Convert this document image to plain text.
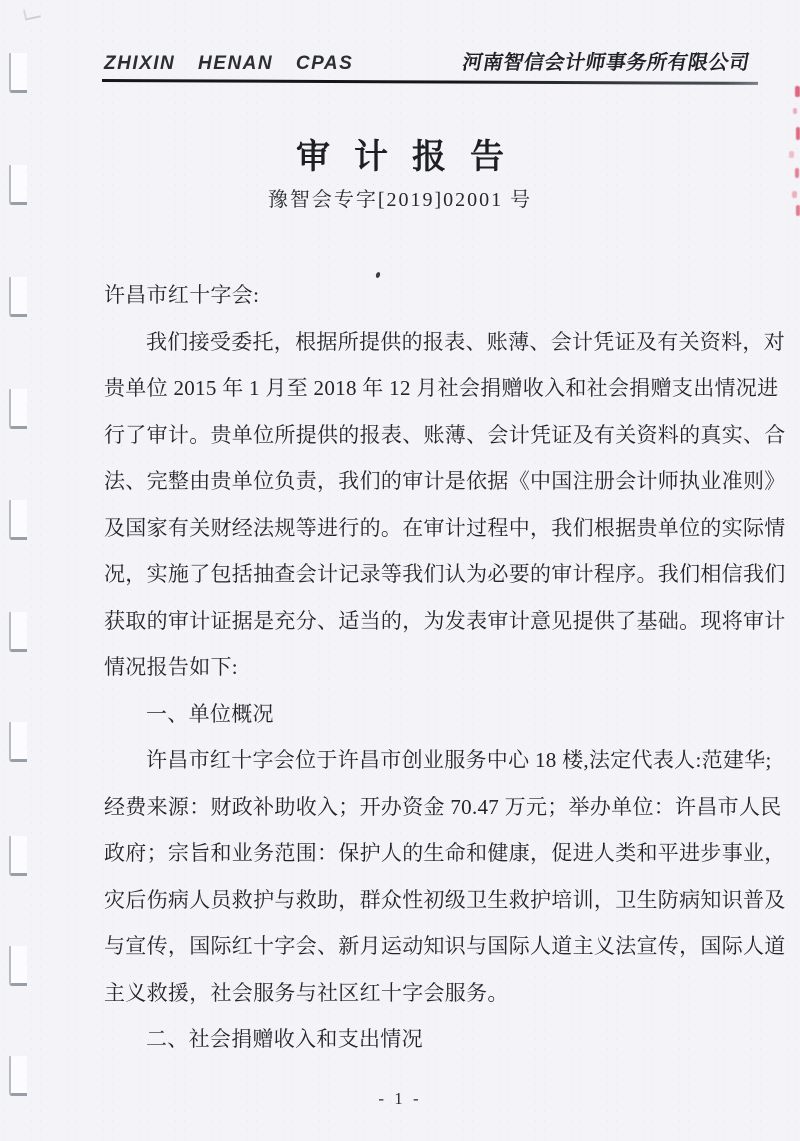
ZHIXIN HENAN CPAS	河南智信会计师事务所有限公司
审计报告
豫智会专字[2019]02001 号
许昌市红十字会:
我们接受委托，根据所提供的报表、账薄、会计凭证及有关资料，对
贵单位 2015 年 1 月至 2018 年 12 月社会捐赠收入和社会捐赠支出情况进
行了审计。贵单位所提供的报表、账薄、会计凭证及有关资料的真实、合
法、完整由贵单位负责，我们的审计是依据《中国注册会计师执业准则》
及国家有关财经法规等进行的。在审计过程中，我们根据贵单位的实际情
况，实施了包括抽查会计记录等我们认为必要的审计程序。我们相信我们
获取的审计证据是充分、适当的，为发表审计意见提供了基础。现将审计
情况报告如下:
一、单位概况
许昌市红十字会位于许昌市创业服务中心 18 楼,法定代表人:范建华;
经费来源：财政补助收入；开办资金 70.47 万元；举办单位：许昌市人民
政府；宗旨和业务范围：保护人的生命和健康，促进人类和平进步事业，
灾后伤病人员救护与救助，群众性初级卫生救护培训，卫生防病知识普及
与宣传，国际红十字会、新月运动知识与国际人道主义法宣传，国际人道
主义救援，社会服务与社区红十字会服务。
二、社会捐赠收入和支出情况
- 1 -
